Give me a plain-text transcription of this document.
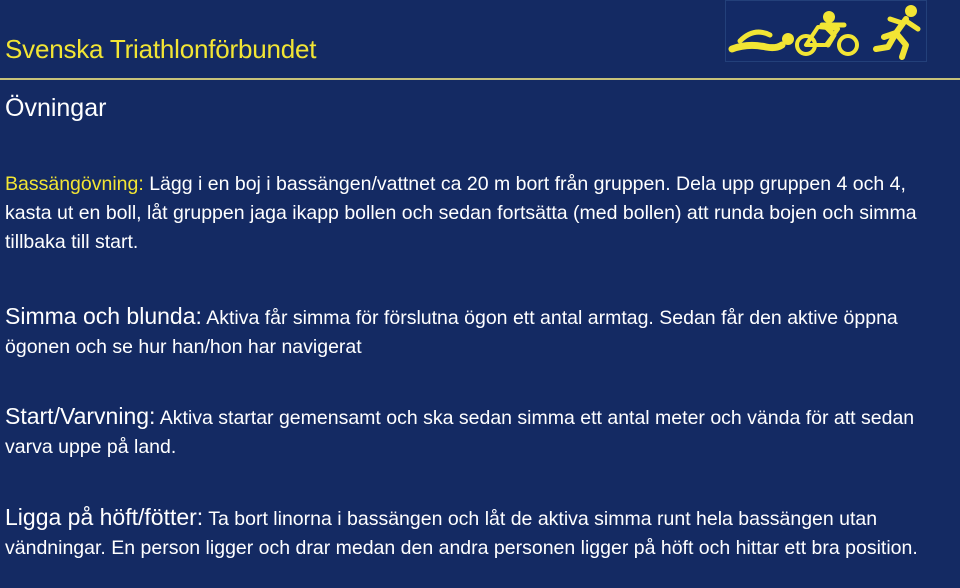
Svenska Triathlonförbundet
Övningar
Bassängövning: Lägg i en boj i bassängen/vattnet ca 20 m bort från gruppen. Dela upp gruppen 4 och 4, kasta ut en boll, låt gruppen jaga ikapp bollen och sedan fortsätta (med bollen) att runda bojen och simma tillbaka till start.
Simma och blunda: Aktiva får simma för förslutna ögon ett antal armtag. Sedan får den aktive öppna ögonen och se hur han/hon har navigerat
Start/Varvning: Aktiva startar gemensamt och ska sedan simma ett antal meter och vända för att sedan varva uppe på land.
Ligga på höft/fötter: Ta bort linorna i bassängen och låt de aktiva simma runt hela bassängen utan vändningar. En person ligger och drar medan den andra personen ligger på höft och hittar ett bra position.
